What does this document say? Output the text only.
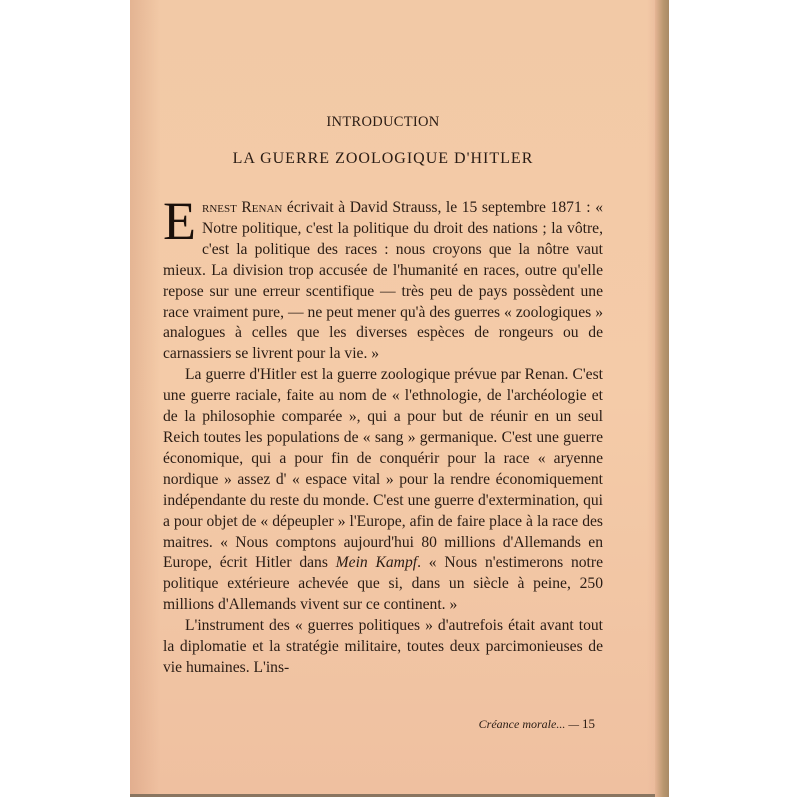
INTRODUCTION
LA GUERRE ZOOLOGIQUE D'HITLER

Ernest Renan écrivait à David Strauss, le 15 septembre 1871 : « Notre politique, c'est la politique du droit des nations ; la vôtre, c'est la politique des races : nous croyons que la nôtre vaut mieux. La division trop accusée de l'humanité en races, outre qu'elle repose sur une erreur scentifique — très peu de pays possèdent une race vraiment pure, — ne peut mener qu'à des guerres « zoologiques » analogues à celles que les diverses espèces de rongeurs ou de carnassiers se livrent pour la vie. »

La guerre d'Hitler est la guerre zoologique prévue par Renan. C'est une guerre raciale, faite au nom de « l'ethnologie, de l'archéologie et de la philosophie comparée », qui a pour but de réunir en un seul Reich toutes les populations de « sang » germanique. C'est une guerre économique, qui a pour fin de conquérir pour la race « aryenne nordique » assez d' « espace vital » pour la rendre économiquement indépendante du reste du monde. C'est une guerre d'extermination, qui a pour objet de « dépeupler » l'Europe, afin de faire place à la race des maitres. « Nous comptons aujourd'hui 80 millions d'Allemands en Europe, écrit Hitler dans Mein Kampf. « Nous n'estimerons notre politique extérieure achevée que si, dans un siècle à peine, 250 millions d'Allemands vivent sur ce continent. »

L'instrument des « guerres politiques » d'autrefois était avant tout la diplomatie et la stratégie militaire, toutes deux parcimonieuses de vie humaines. L'ins-

Créance morale... — 15
